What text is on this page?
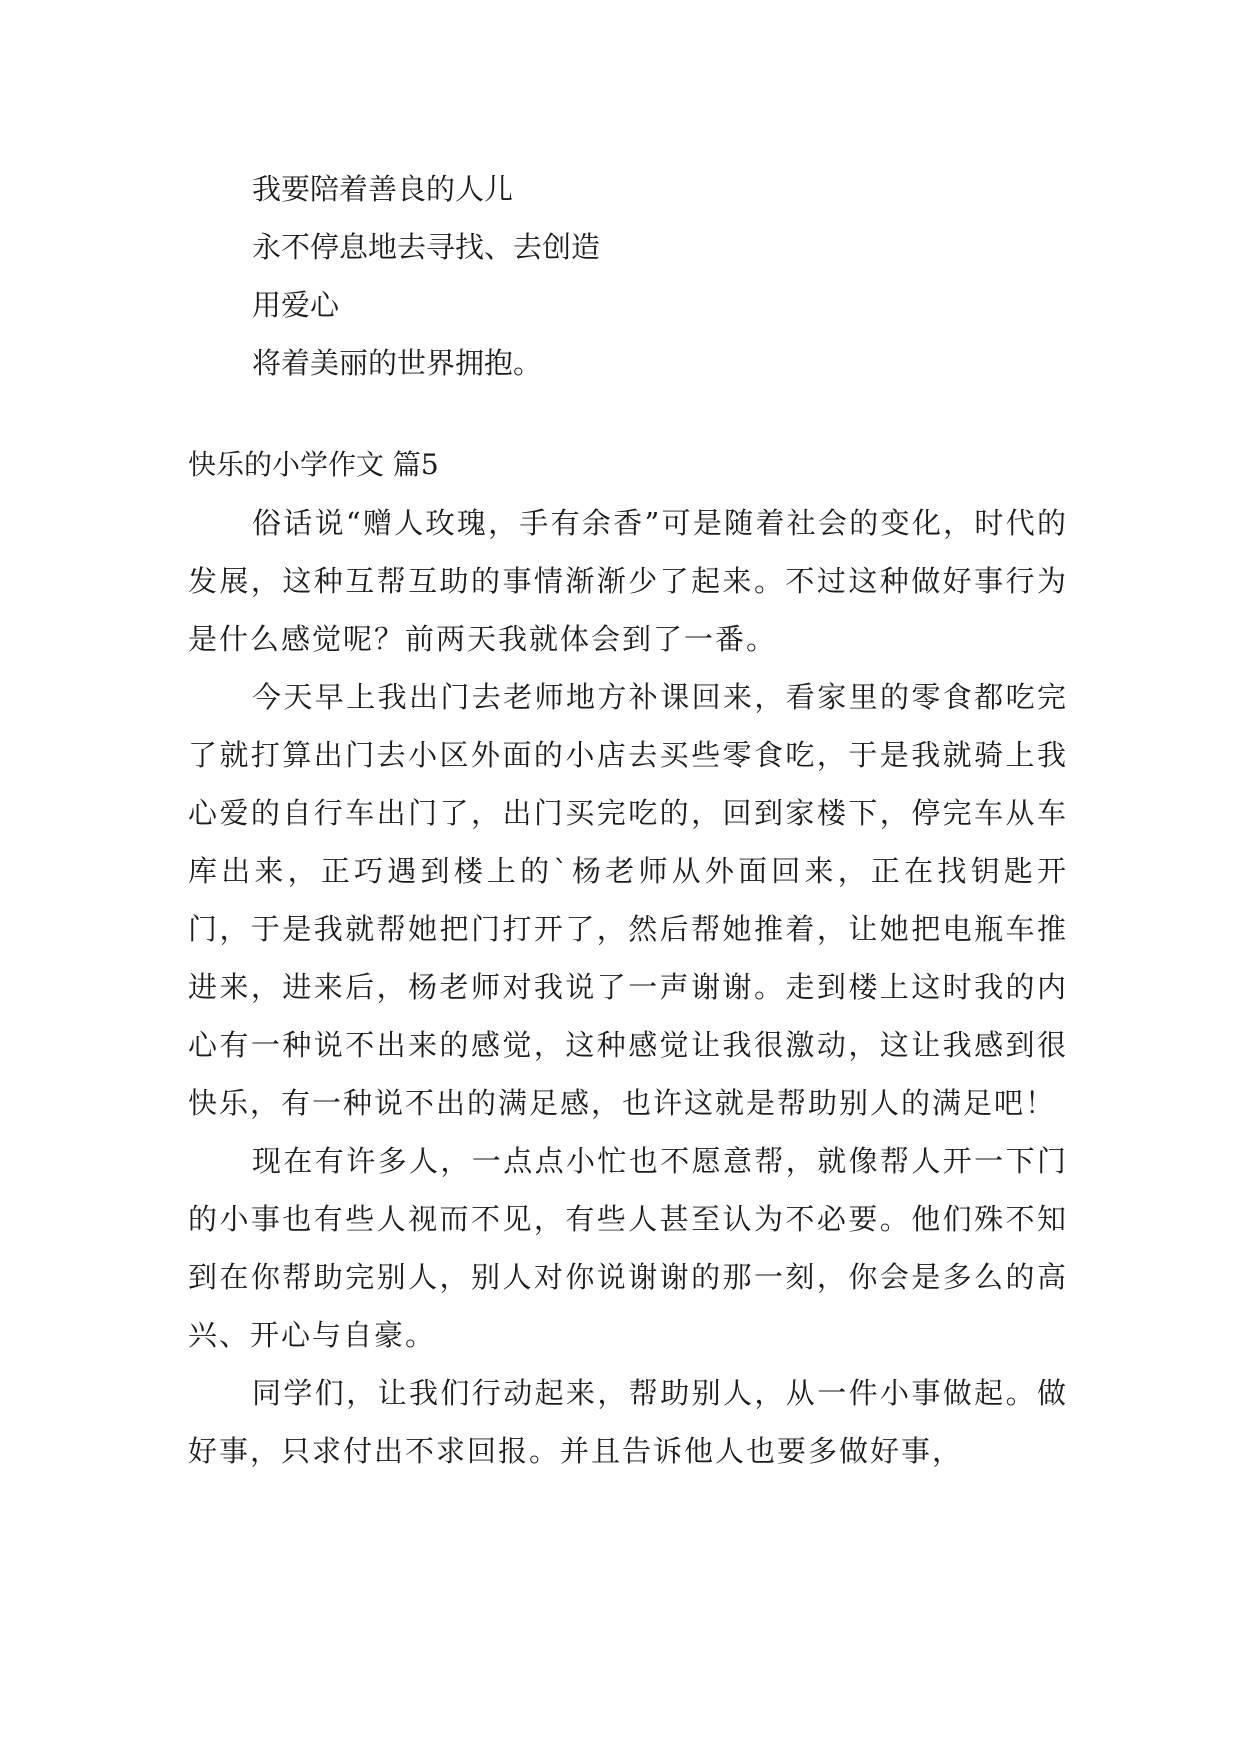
我要陪着善良的人儿
永不停息地去寻找、去创造
用爱心
将着美丽的世界拥抱。
快乐的小学作文 篇5

俗话说“赠人玫瑰，手有余香”可是随着社会的变化，时代的发展，这种互帮互助的事情渐渐少了起来。不过这种做好事行为是什么感觉呢？前两天我就体会到了一番。

今天早上我出门去老师地方补课回来，看家里的零食都吃完了就打算出门去小区外面的小店去买些零食吃，于是我就骑上我心爱的自行车出门了，出门买完吃的，回到家楼下，停完车从车库出来，正巧遇到楼上的`杨老师从外面回来，正在找钥匙开门，于是我就帮她把门打开了，然后帮她推着，让她把电瓶车推进来，进来后，杨老师对我说了一声谢谢。走到楼上这时我的内心有一种说不出来的感觉，这种感觉让我很激动，这让我感到很快乐，有一种说不出的满足感，也许这就是帮助别人的满足吧！

现在有许多人，一点点小忙也不愿意帮，就像帮人开一下门的小事也有些人视而不见，有些人甚至认为不必要。他们殊不知到在你帮助完别人，别人对你说谢谢的那一刻，你会是多么的高兴、开心与自豪。

同学们，让我们行动起来，帮助别人，从一件小事做起。做好事，只求付出不求回报。并且告诉他人也要多做好事，
